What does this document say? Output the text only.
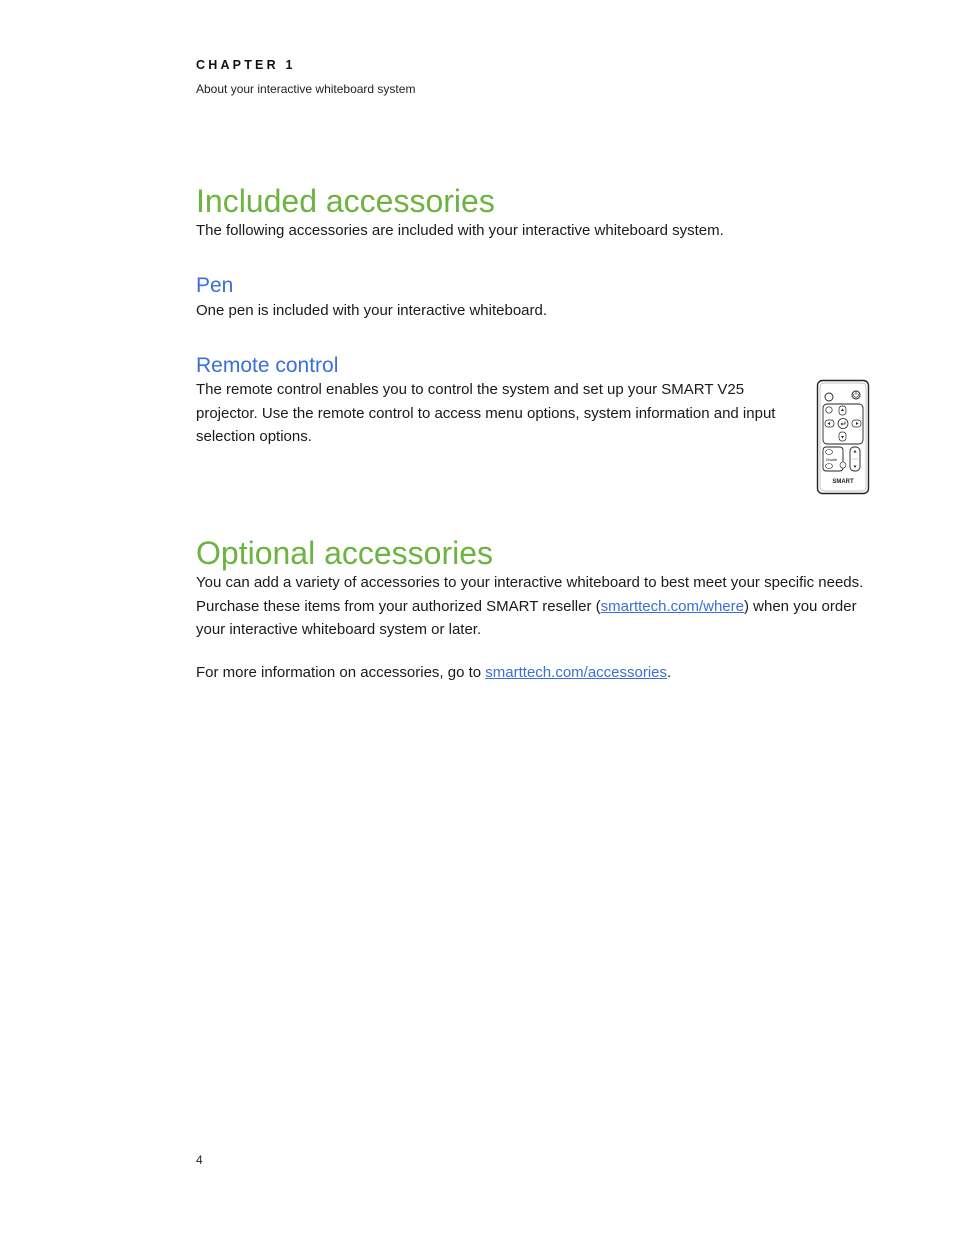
CHAPTER 1
About your interactive whiteboard system
Included accessories

The following accessories are included with your interactive whiteboard system.

Pen

One pen is included with your interactive whiteboard.

Remote control
The remote control enables you to control the system and set up your SMART V25
projector. Use the remote control to access menu options, system information and input
selection options.
Disable
SMART
Optional accessories
You can add a variety of accessories to your interactive whiteboard to best meet your specific needs.
Purchase these items from your authorized SMART reseller (smarttech.com/where) when you order
your interactive whiteboard system or later.
For more information on accessories, go to smarttech.com/accessories.
4
